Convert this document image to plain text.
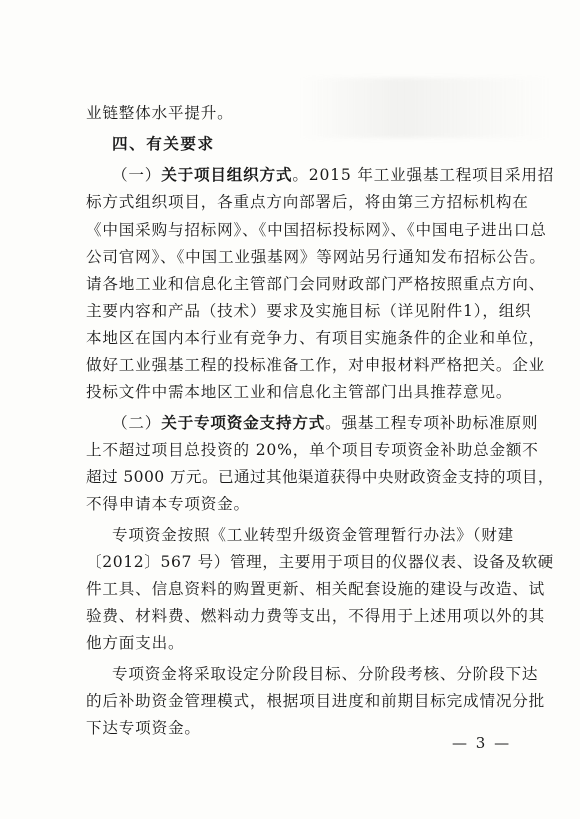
业链整体水平提升。
四、有关要求
（一）关于项目组织方式。2015 年工业强基工程项目采用招
标方式组织项目，各重点方向部署后，将由第三方招标机构在
《中国采购与招标网》、《中国招标投标网》、《中国电子进出口总
公司官网》、《中国工业强基网》等网站另行通知发布招标公告。
请各地工业和信息化主管部门会同财政部门严格按照重点方向、
主要内容和产品（技术）要求及实施目标（详见附件1），组织
本地区在国内本行业有竞争力、有项目实施条件的企业和单位，
做好工业强基工程的投标准备工作，对申报材料严格把关。企业
投标文件中需本地区工业和信息化主管部门出具推荐意见。
（二）关于专项资金支持方式。强基工程专项补助标准原则
上不超过项目总投资的 20%，单个项目专项资金补助总金额不
超过 5000 万元。已通过其他渠道获得中央财政资金支持的项目，
不得申请本专项资金。
专项资金按照《工业转型升级资金管理暂行办法》（财建
〔2012〕567 号）管理，主要用于项目的仪器仪表、设备及软硬
件工具、信息资料的购置更新、相关配套设施的建设与改造、试
验费、材料费、燃料动力费等支出，不得用于上述用项以外的其
他方面支出。
专项资金将采取设定分阶段目标、分阶段考核、分阶段下达
的后补助资金管理模式，根据项目进度和前期目标完成情况分批
下达专项资金。
— 3 —
